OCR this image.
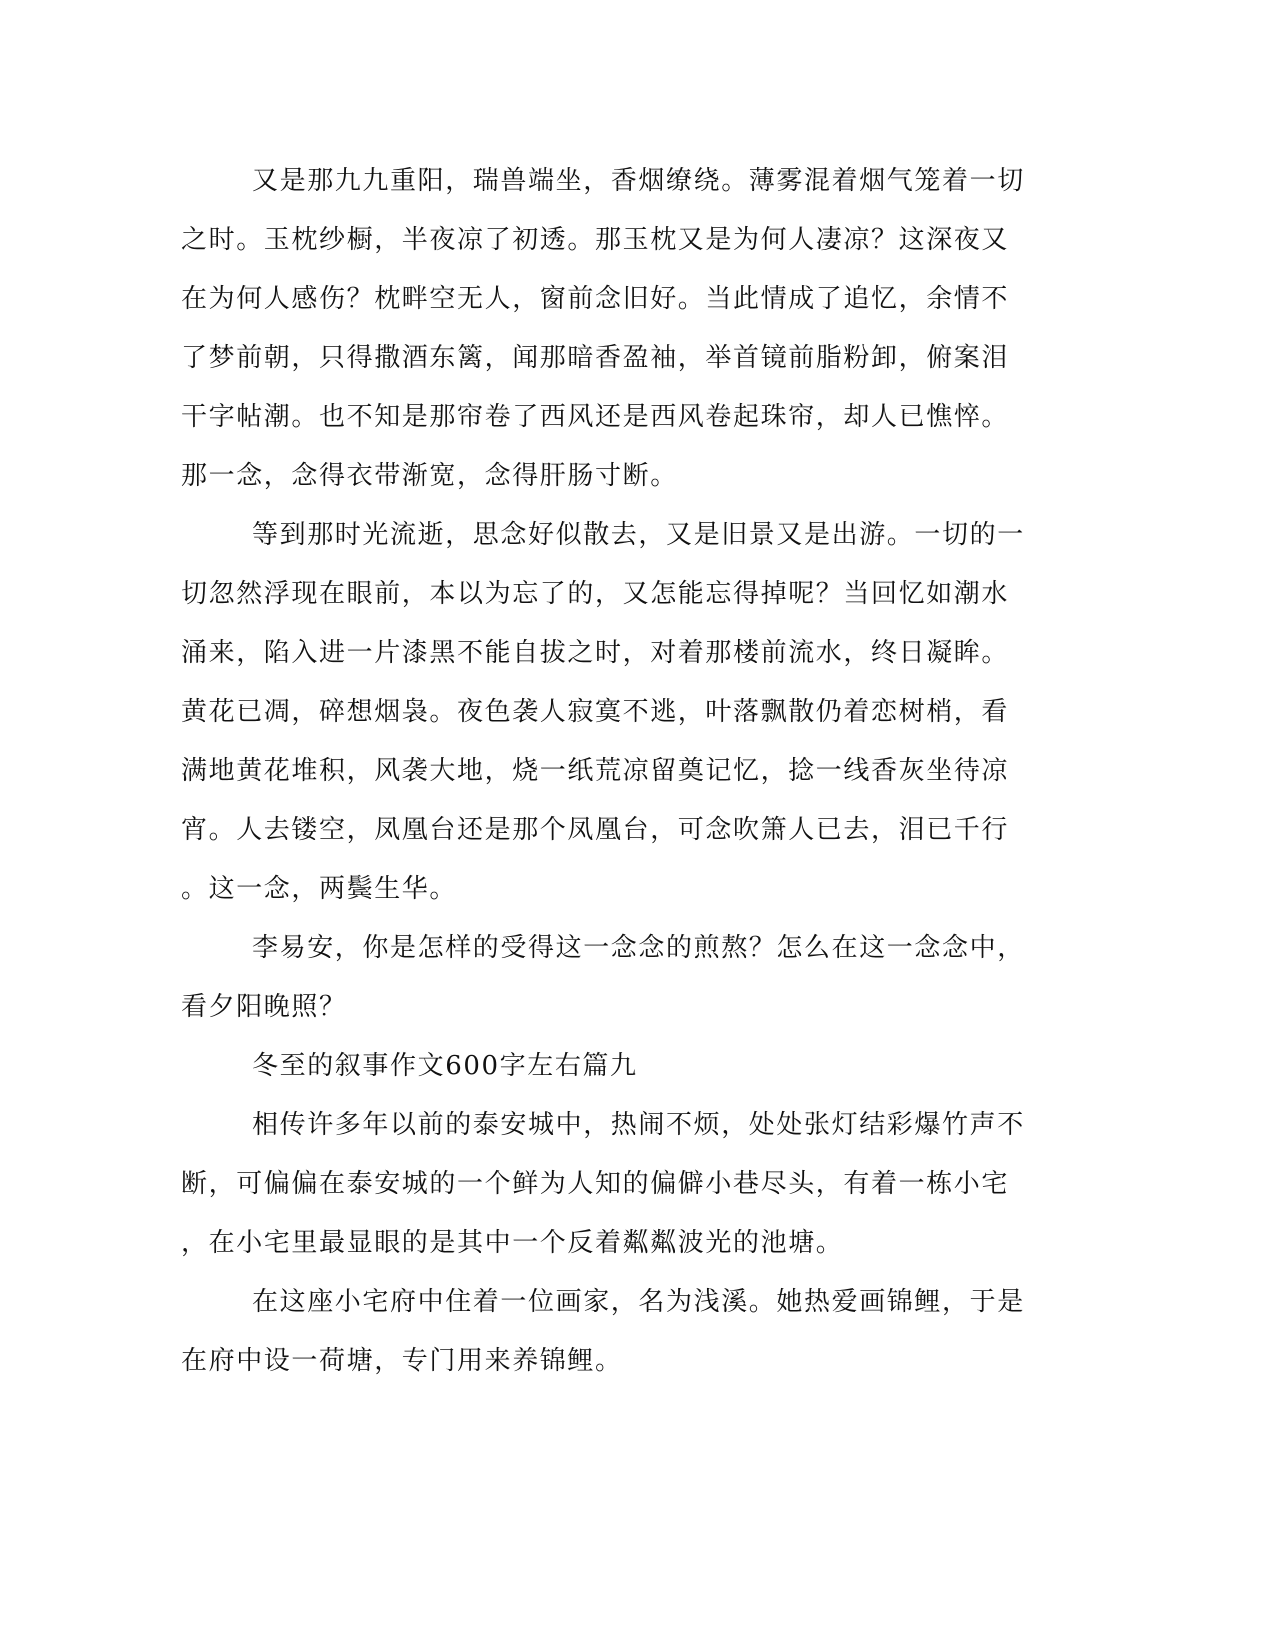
又是那九九重阳，瑞兽端坐，香烟缭绕。薄雾混着烟气笼着一切
之时。玉枕纱橱，半夜凉了初透。那玉枕又是为何人凄凉？这深夜又
在为何人感伤？枕畔空无人，窗前念旧好。当此情成了追忆，余情不
了梦前朝，只得撒酒东篱，闻那暗香盈袖，举首镜前脂粉卸，俯案泪
干字帖潮。也不知是那帘卷了西风还是西风卷起珠帘，却人已憔悴。
那一念，念得衣带渐宽，念得肝肠寸断。
等到那时光流逝，思念好似散去，又是旧景又是出游。一切的一
切忽然浮现在眼前，本以为忘了的，又怎能忘得掉呢？当回忆如潮水
涌来，陷入进一片漆黑不能自拔之时，对着那楼前流水，终日凝眸。
黄花已凋，碎想烟袅。夜色袭人寂寞不逃，叶落飘散仍着恋树梢，看
满地黄花堆积，风袭大地，烧一纸荒凉留奠记忆，捻一线香灰坐待凉
宵。人去镂空，凤凰台还是那个凤凰台，可念吹箫人已去，泪已千行
。这一念，两鬓生华。
李易安，你是怎样的受得这一念念的煎熬？怎么在这一念念中，
看夕阳晚照？
冬至的叙事作文600字左右篇九
相传许多年以前的泰安城中，热闹不烦，处处张灯结彩爆竹声不
断，可偏偏在泰安城的一个鲜为人知的偏僻小巷尽头，有着一栋小宅
，在小宅里最显眼的是其中一个反着粼粼波光的池塘。
在这座小宅府中住着一位画家，名为浅溪。她热爱画锦鲤，于是
在府中设一荷塘，专门用来养锦鲤。
